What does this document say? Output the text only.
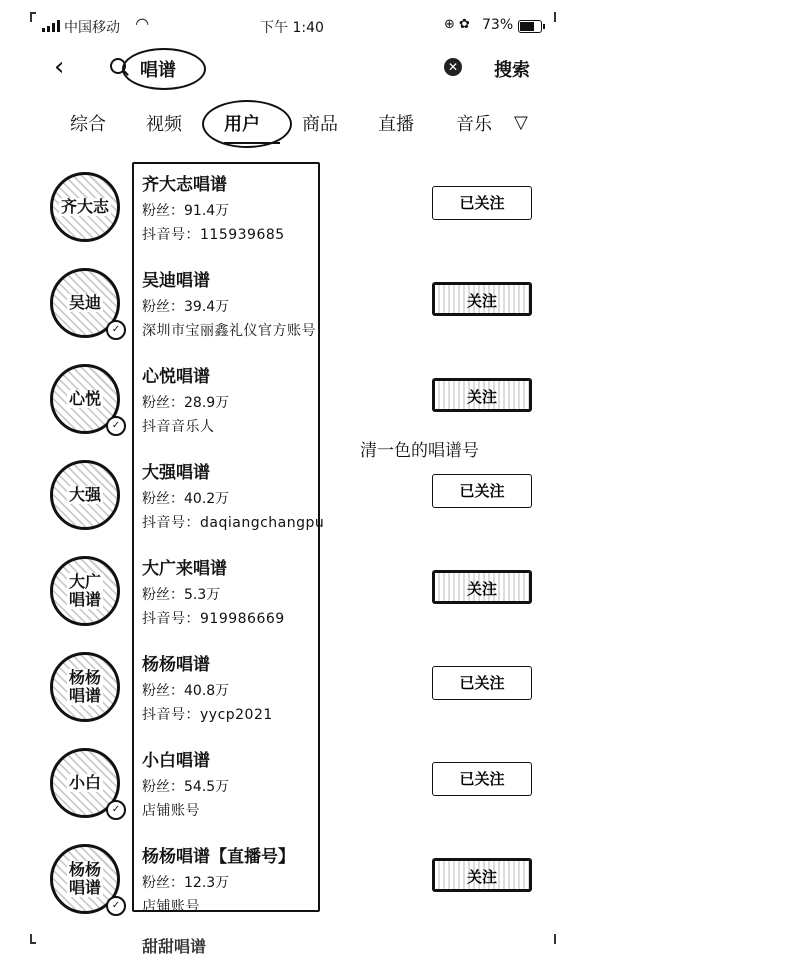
中国移动 ◠	下午 1:40	⊕ ✿ 73%
‹	唱谱	✕ 搜索
综合 视频 用户 商品 直播 音乐	▽
齐大志
齐大志唱谱
粉丝：91.4万
抖音号：115939685
已关注
吴迪
✓
吴迪唱谱
粉丝：39.4万
深圳市宝丽鑫礼仪官方账号
关注
心悦
✓
心悦唱谱
粉丝：28.9万
抖音音乐人
关注
大强
大强唱谱
粉丝：40.2万
抖音号：daqiangchangpu
已关注
大广
唱谱
大广来唱谱
粉丝：5.3万
抖音号：919986669
关注
杨杨
唱谱
杨杨唱谱
粉丝：40.8万
抖音号：yycp2021
已关注
小白
✓
小白唱谱
粉丝：54.5万
店铺账号
已关注
杨杨
唱谱
✓
杨杨唱谱【直播号】
粉丝：12.3万
店铺账号
关注
清一色的唱谱号
甜甜唱谱
